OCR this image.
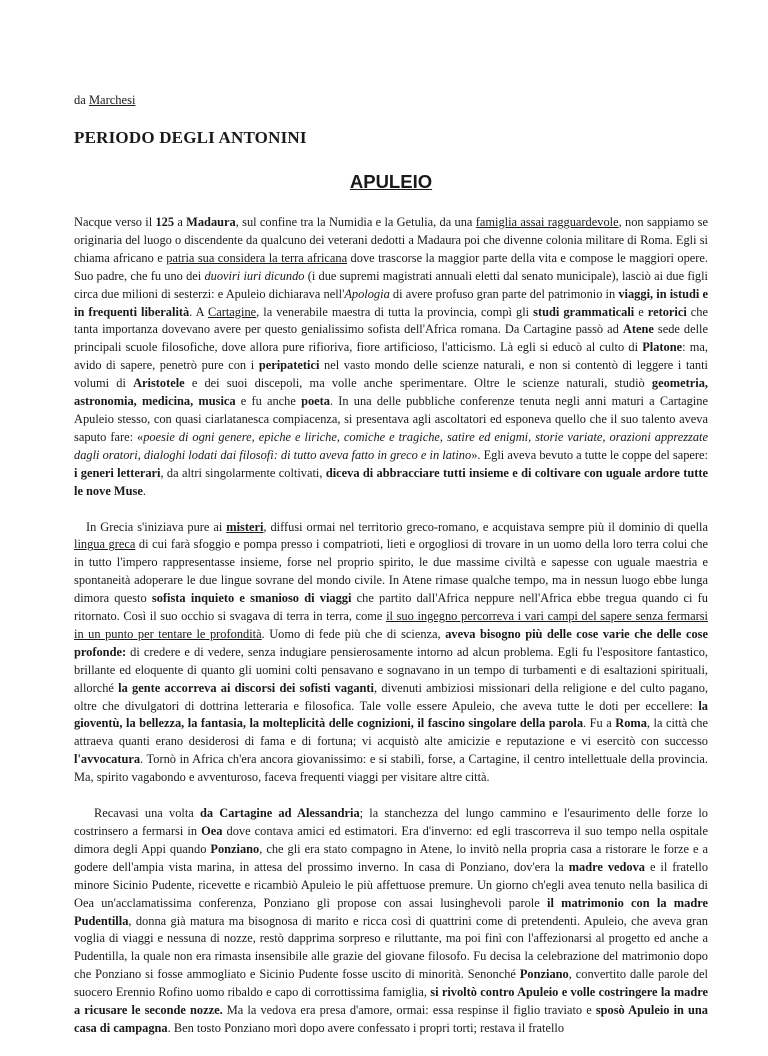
da Marchesi
PERIODO DEGLI ANTONINI
APULEIO

Nacque verso il 125 a Madaura, sul confine tra la Numidia e la Getulia, da una famiglia assai ragguardevole, non sappiamo se originaria del luogo o discendente da qualcuno dei veterani dedotti a Madaura poi che divenne colonia militare di Roma. Egli si chiama africano e patria sua considera la terra africana dove trascorse la maggior parte della vita e compose le maggiori opere. Suo padre, che fu uno dei duoviri iuri dicundo (i due supremi magistrati annuali eletti dal senato municipale), lasciò ai due figli circa due milioni di sesterzi: e Apuleio dichiarava nell'Apologia di avere profuso gran parte del patrimonio in viaggi, in istudi e in frequenti liberalità. A Cartagine, la venerabile maestra di tutta la provincia, compì gli studi grammaticali e retorici che tanta importanza dovevano avere per questo genialissimo sofista dell'Africa romana. Da Cartagine passò ad Atene sede delle principali scuole filosofiche, dove allora pure rifioriva, fiore artificioso, l'atticismo. Là egli si educò al culto di Platone: ma, avido di sapere, penetrò pure con i peripatetici nel vasto mondo delle scienze naturali, e non si contentò di leggere i tanti volumi di Aristotele e dei suoi discepoli, ma volle anche sperimentare. Oltre le scienze naturali, studiò geometria, astronomia, medicina, musica e fu anche poeta. In una delle pubbliche conferenze tenuta negli anni maturi a Cartagine Apuleio stesso, con quasi ciarlatanesca compiacenza, si presentava agli ascoltatori ed esponeva quello che il suo talento aveva saputo fare: «poesie di ogni genere, epiche e liriche, comiche e tragiche, satire ed enigmi, storie variate, orazioni apprezzate dagli oratori, dialoghi lodati dai filosofi: di tutto aveva fatto in greco e in latino». Egli aveva bevuto a tutte le coppe del sapere: i generi letterari, da altri singolarmente coltivati, diceva di abbracciare tutti insieme e di coltivare con uguale ardore tutte le nove Muse.

In Grecia s'iniziava pure ai misteri, diffusi ormai nel territorio greco-romano, e acquistava sempre più il dominio di quella lingua greca di cui farà sfoggio e pompa presso i compatrioti, lieti e orgogliosi di trovare in un uomo della loro terra colui che in tutto l'impero rappresentasse insieme, forse nel proprio spirito, le due massime civiltà e sapesse con uguale maestria e spontaneità adoperare le due lingue sovrane del mondo civile. In Atene rimase qualche tempo, ma in nessun luogo ebbe lunga dimora questo sofista inquieto e smanioso di viaggi che partito dall'Africa neppure nell'Africa ebbe tregua quando ci fu ritornato. Così il suo occhio si svagava di terra in terra, come il suo ingegno percorreva i vari campi del sapere senza fermarsi in un punto per tentare le profondità. Uomo di fede più che di scienza, aveva bisogno più delle cose varie che delle cose profonde: di credere e di vedere, senza indugiare pensierosamente intorno ad alcun problema. Egli fu l'espositore fantastico, brillante ed eloquente di quanto gli uomini colti pensavano e sognavano in un tempo di turbamenti e di esaltazioni spirituali, allorché la gente accorreva ai discorsi dei sofisti vaganti, divenuti ambiziosi missionari della religione e del culto pagano, oltre che divulgatori di dottrina letteraria e filosofica. Tale volle essere Apuleio, che aveva tutte le doti per eccellere: la gioventù, la bellezza, la fantasia, la molteplicità delle cognizioni, il fascino singolare della parola. Fu a Roma, la città che attraeva quanti erano desiderosi di fama e di fortuna; vi acquistò alte amicizie e reputazione e vi esercitò con successo l'avvocatura. Tornò in Africa ch'era ancora giovanissimo: e si stabilì, forse, a Cartagine, il centro intellettuale della provincia. Ma, spirito vagabondo e avventuroso, faceva frequenti viaggi per visitare altre città.

Recavasi una volta da Cartagine ad Alessandria; la stanchezza del lungo cammino e l'esaurimento delle forze lo costrinsero a fermarsi in Oea dove contava amici ed estimatori. Era d'inverno: ed egli trascorreva il suo tempo nella ospitale dimora degli Appi quando Ponziano, che gli era stato compagno in Atene, lo invitò nella propria casa a ristorare le forze e a godere dell'ampia vista marina, in attesa del prossimo inverno. In casa di Ponziano, dov'era la madre vedova e il fratello minore Sicinio Pudente, ricevette e ricambiò Apuleio le più affettuose premure. Un giorno ch'egli avea tenuto nella basilica di Oea un'acclamatissima conferenza, Ponziano gli propose con assai lusinghevoli parole il matrimonio con la madre Pudentilla, donna già matura ma bisognosa di marito e ricca così di quattrini come di pretendenti. Apuleio, che aveva gran voglia di viaggi e nessuna di nozze, restò dapprima sorpreso e riluttante, ma poi finì con l'affezionarsi al progetto ed anche a Pudentilla, la quale non era rimasta insensibile alle grazie del giovane filosofo. Fu decisa la celebrazione del matrimonio dopo che Ponziano si fosse ammogliato e Sicinio Pudente fosse uscito di minorità. Senonché Ponziano, convertito dalle parole del suocero Erennio Rofino uomo ribaldo e capo di corrottissima famiglia, si rivoltò contro Apuleio e volle costringere la madre a ricusare le seconde nozze. Ma la vedova era presa d'amore, ormai: essa respinse il figlio traviato e sposò Apuleio in una casa di campagna. Ben tosto Ponziano morì dopo avere confessato i propri torti; restava il fratello
